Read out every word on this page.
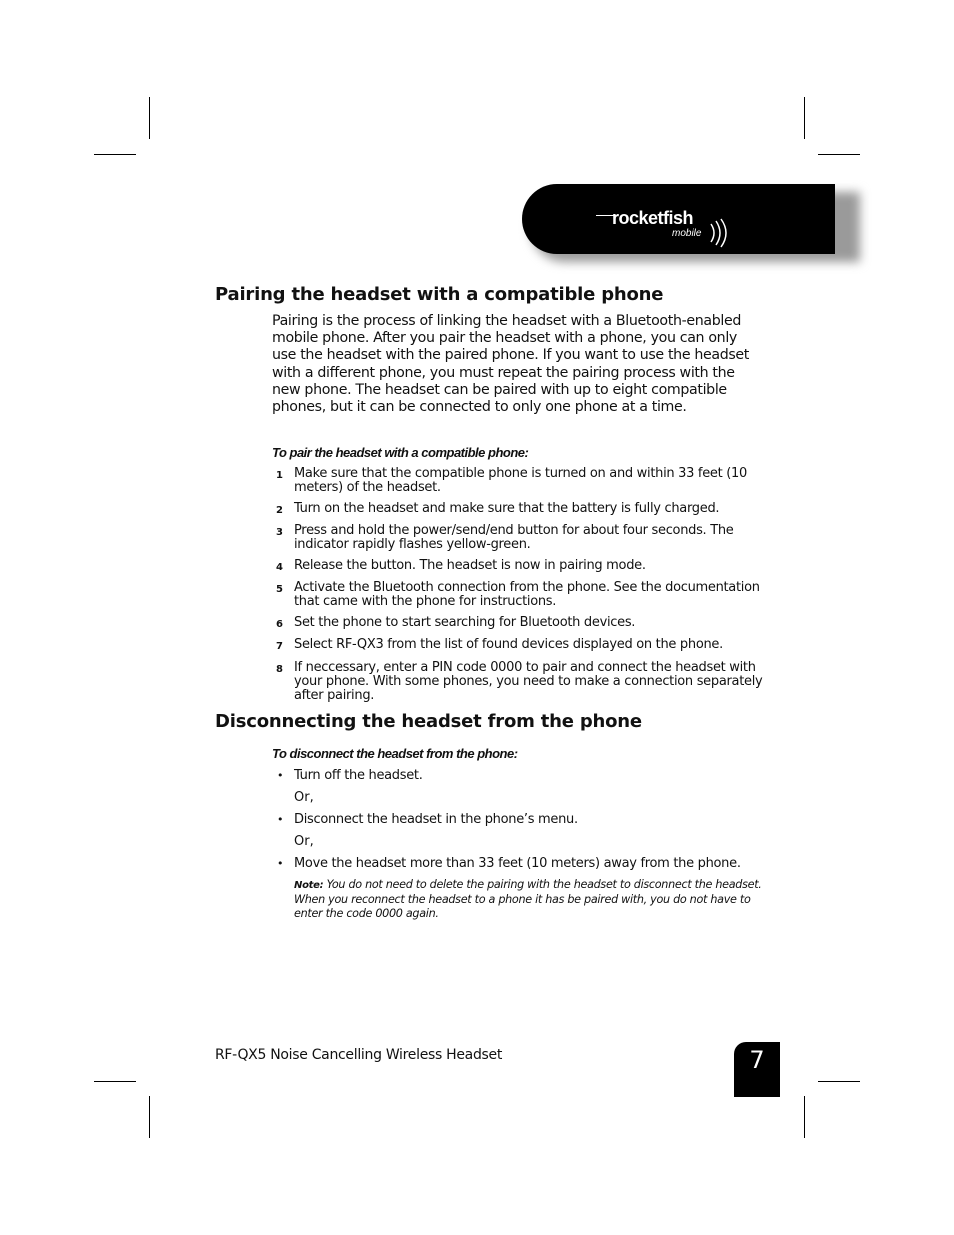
rocketfish
mobile
Pairing the headset with a compatible phone

Pairing is the process of linking the headset with a Bluetooth-enabled mobile phone. After you pair the headset with a phone, you can only use the headset with the paired phone. If you want to use the headset with a different phone, you must repeat the pairing process with the new phone. The headset can be paired with up to eight compatible phones, but it can be connected to only one phone at a time.

To pair the headset with a compatible phone:

1 Make sure that the compatible phone is turned on and within 33 feet (10 meters) of the headset.
2 Turn on the headset and make sure that the battery is fully charged.
3 Press and hold the power/send/end button for about four seconds. The indicator rapidly flashes yellow-green.
4 Release the button. The headset is now in pairing mode.
5 Activate the Bluetooth connection from the phone. See the documentation that came with the phone for instructions.
6 Set the phone to start searching for Bluetooth devices.
7 Select RF-QX3 from the list of found devices displayed on the phone.
8 If neccessary, enter a PIN code 0000 to pair and connect the headset with your phone. With some phones, you need to make a connection separately after pairing.
Disconnecting the headset from the phone

To disconnect the headset from the phone:

• Turn off the headset.
Or,
• Disconnect the headset in the phone’s menu.
Or,
• Move the headset more than 33 feet (10 meters) away from the phone.

Note: You do not need to delete the pairing with the headset to disconnect the headset. When you reconnect the headset to a phone it has be paired with, you do not have to enter the code 0000 again.

RF-QX5 Noise Cancelling Wireless Headset	7
